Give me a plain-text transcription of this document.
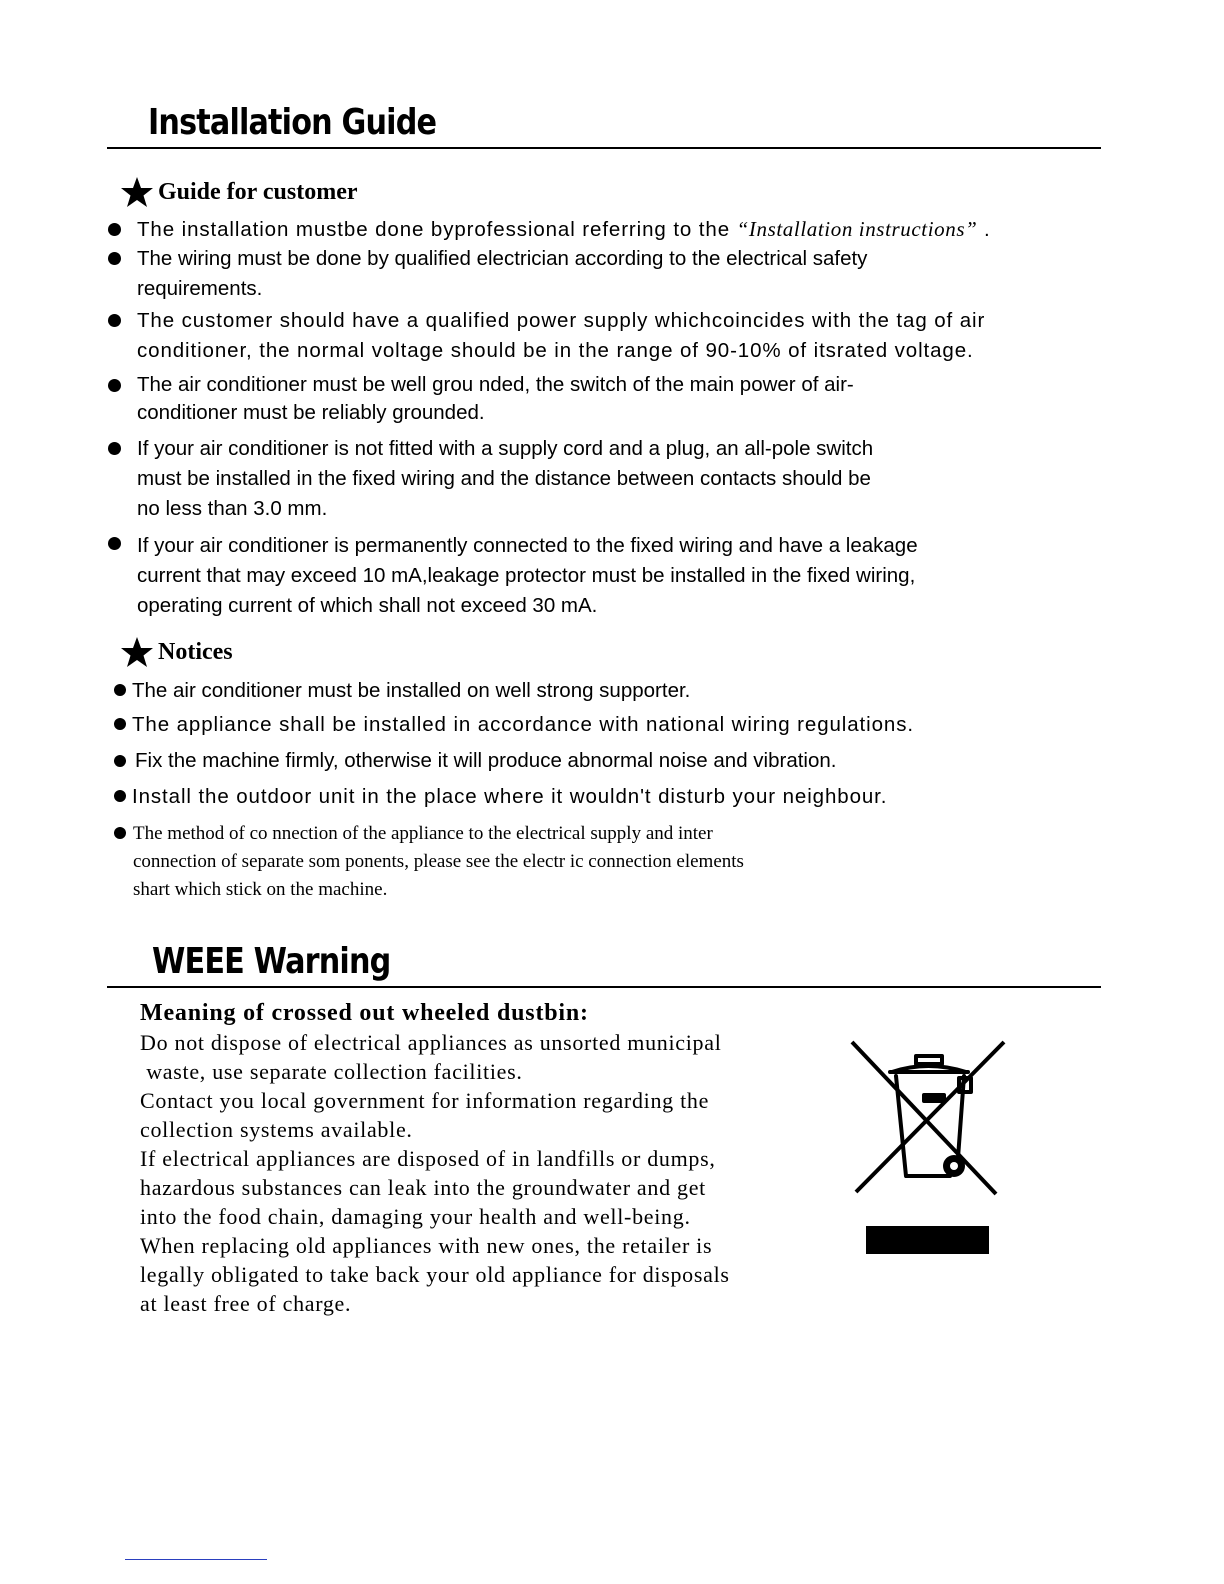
Installation Guide
Guide for customer
The installation mustbe done byprofessional referring to the “Installation instructions” .
The wiring must be done by qualified electrician according to the electrical safety
requirements.
The customer should have a qualified power supply whichcoincides with the tag of air
conditioner, the normal voltage should be in the range of 90-10% of itsrated voltage.
The air conditioner must be well grou nded, the switch of the main power of air-
conditioner must be reliably grounded.
If your air conditioner is not fitted with a supply cord and a plug, an all-pole switch
must be installed in the fixed wiring and the distance between contacts should be
no less than 3.0 mm.
If your air conditioner is permanently connected to the fixed wiring and have a leakage
current that may exceed 10 mA,leakage protector must be installed in the fixed wiring,
operating current of which shall not exceed 30 mA.
Notices
The air conditioner must be installed on well strong supporter.
The appliance shall be installed in accordance with national wiring regulations.
Fix the machine firmly, otherwise it will produce abnormal noise and vibration.
Install the outdoor unit in the place where it wouldn't disturb your neighbour.
The method of co nnection of the appliance to the electrical supply and inter
connection of separate som ponents, please see the electr ic connection elements
shart which stick on the machine.
WEEE Warning
Meaning of crossed out wheeled dustbin:
Do not dispose of electrical appliances as unsorted municipal
waste, use separate collection facilities.
Contact you local government for information regarding the
collection systems available.
If electrical appliances are disposed of in landfills or dumps,
hazardous substances can leak into the groundwater and get
into the food chain, damaging your health and well-being.
When replacing old appliances with new ones, the retailer is
legally obligated to take back your old appliance for disposals
at least free of charge.
